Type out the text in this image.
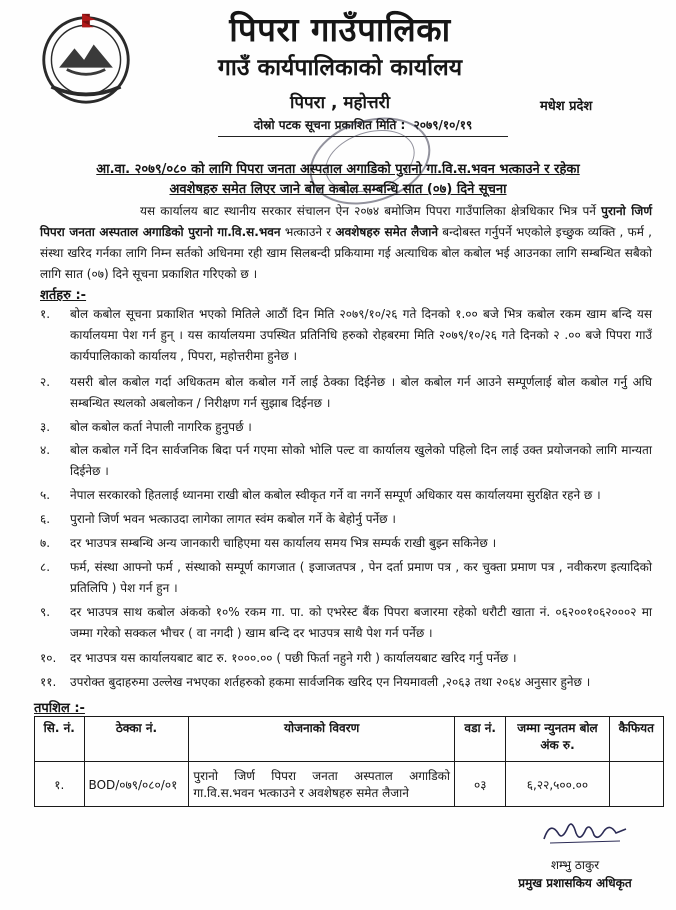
पिपरा गाउँपालिका
गाउँ कार्यपालिकाको कार्यालय
पिपरा , महोत्तरी	मधेश प्रदेश
दोस्रो पटक सूचना प्रकाशित मिति : २०७९/१०/१९
आ.वा. २०७९/०८० को लागि पिपरा जनता अस्पताल अगाडिको पुरानो गा.वि.स.भवन भत्काउने र रहेका
अवशेषहरु समेत लिएर जाने बोल कबोल सम्बन्धि सात (०७) दिने सूचना
यस कार्यालय बाट स्थानीय सरकार संचालन ऐन २०७४ बमोजिम पिपरा गाउँपालिका क्षेत्रधिकार भित्र पर्ने पुरानो जिर्ण पिपरा जनता अस्पताल अगाडिको पुरानो गा.वि.स.भवन भत्काउने र अवशेषहरु समेत लैजाने बन्दोबस्त गर्नुपर्ने भएकोले इच्छुक व्यक्ति , फर्म , संस्था खरिद गर्नका लागि निम्न सर्तको अधिनमा रही खाम सिलबन्दी प्रकियामा गई अत्याधिक बोल कबोल भई आउनका लागि सम्बन्धित सबैको लागि सात (०७) दिने सूचना प्रकाशित गरिएको छ ।
शर्तहरु :-
१.	बोल कबोल सूचना प्रकाशित भएको मितिले आठौं दिन मिति २०७९/१०/२६ गते दिनको १.०० बजे भित्र कबोल रकम खाम बन्दि यस कार्यालयमा पेश गर्न हुन् । यस कार्यालयमा उपस्थित प्रतिनिधि हरुको रोहबरमा मिति २०७९/१०/२६ गते दिनको २ .०० बजे पिपरा गाउँ कार्यपालिकाको कार्यालय , पिपरा, महोत्तरीमा हुनेछ ।
२.	यसरी बोल कबोल गर्दा अधिकतम बोल कबोल गर्ने लाई ठेक्का दिईनेछ । बोल कबोल गर्न आउने सम्पूर्णलाई बोल कबोल गर्नु अघि सम्बन्धित स्थलको अबलोकन / निरीक्षण गर्न सुझाब दिईनछ ।
३.	बोल कबोल कर्ता नेपाली नागरिक हुनुपर्छ ।
४.	बोल कबोल गर्ने दिन सार्वजनिक बिदा पर्न गएमा सोको भोलि पल्ट वा कार्यालय खुलेको पहिलो दिन लाई उक्त प्रयोजनको लागि मान्यता दिईनेछ ।
५.	नेपाल सरकारको हितलाई ध्यानमा राखी बोल कबोल स्वीकृत गर्ने वा नगर्ने सम्पूर्ण अधिकार यस कार्यालयमा सुरक्षित रहने छ ।
६.	पुरानो जिर्ण भवन भत्काउदा लागेका लागत स्वंम कबोल गर्ने के बेहोर्नु पर्नेछ ।
७.	दर भाउपत्र सम्बन्धि अन्य जानकारी चाहिएमा यस कार्यालय समय भित्र सम्पर्क राखी बुझ्न सकिनेछ ।
८.	फर्म, संस्था आफ्नो फर्म , संस्थाको सम्पूर्ण कागजात ( इजाजतपत्र , पेन दर्ता प्रमाण पत्र , कर चुक्ता प्रमाण पत्र , नवीकरण इत्यादिको प्रतिलिपि ) पेश गर्न हुन ।
९.	दर भाउपत्र साथ कबोल अंकको १०% रकम गा. पा. को एभरेस्ट बैंक पिपरा बजारमा रहेको धरौटी खाता नं. ०६२००१०६२०००२ मा जम्मा गरेको सक्कल भौचर ( वा नगदी ) खाम बन्दि दर भाउपत्र साथै पेश गर्न पर्नेछ ।
१०.	दर भाउपत्र यस कार्यालयबाट बाट रु. १०००.०० ( पछी फिर्ता नहुने गरी ) कार्यालयबाट खरिद गर्नु पर्नेछ ।
११.	उपरोक्त बुदाहरुमा उल्लेख नभएका शर्तहरुको हकमा सार्वजनिक खरिद एन नियमावली ,२०६३ तथा २०६४ अनुसार हुनेछ ।
तपशिल :-
सि. नं.	ठेक्का नं.	योजनाको विवरण	वडा नं.	जम्मा न्युनतम बोल अंक रु.	कैफियत
१.	BOD/०७९/०८०/०१	पुरानो जिर्ण पिपरा जनता अस्पताल अगाडिको गा.वि.स.भवन भत्काउने र अवशेषहरु समेत लैजाने	०३	६,२२,५००.००	
शम्भु ठाकुर
प्रमुख प्रशासकिय अधिकृत
